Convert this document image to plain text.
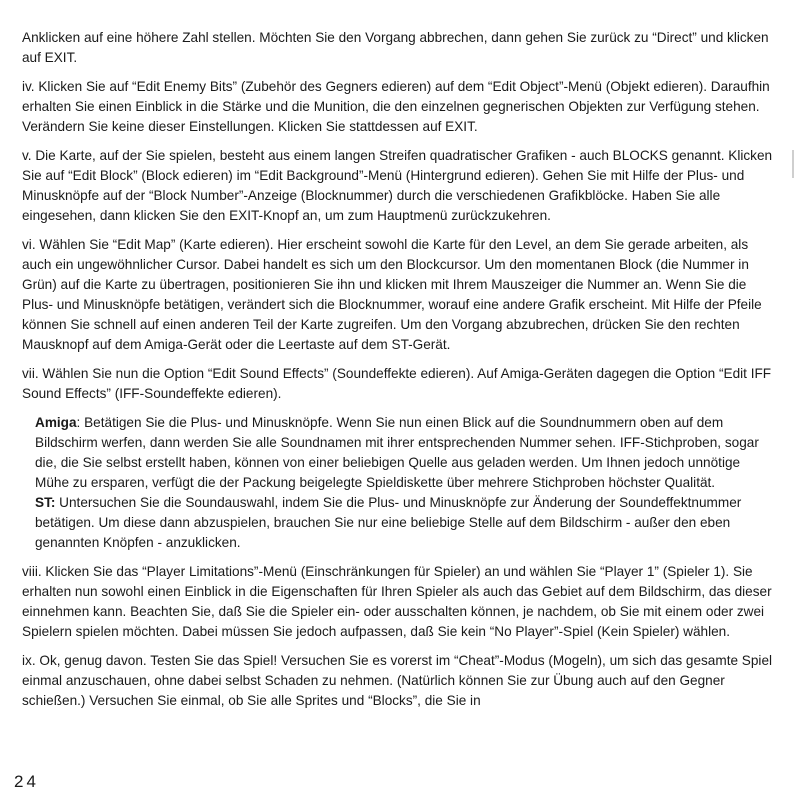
Anklicken auf eine höhere Zahl stellen. Möchten Sie den Vorgang abbrechen, dann gehen Sie zurück zu “Direct” und klicken auf EXIT.

iv. Klicken Sie auf “Edit Enemy Bits” (Zubehör des Gegners edieren) auf dem “Edit Object”-Menü (Objekt edieren). Daraufhin erhalten Sie einen Einblick in die Stärke und die Munition, die den einzelnen gegnerischen Objekten zur Verfügung stehen. Verändern Sie keine dieser Einstellungen. Klicken Sie stattdessen auf EXIT.

v. Die Karte, auf der Sie spielen, besteht aus einem langen Streifen quadratischer Grafiken - auch BLOCKS genannt. Klicken Sie auf “Edit Block” (Block edieren) im “Edit Background”-Menü (Hintergrund edieren). Gehen Sie mit Hilfe der Plus- und Minusknöpfe auf der “Block Number”-Anzeige (Blocknummer) durch die verschiedenen Grafikblöcke. Haben Sie alle eingesehen, dann klicken Sie den EXIT-Knopf an, um zum Hauptmenü zurückzukehren.

vi. Wählen Sie “Edit Map” (Karte edieren). Hier erscheint sowohl die Karte für den Level, an dem Sie gerade arbeiten, als auch ein ungewöhnlicher Cursor. Dabei handelt es sich um den Blockcursor. Um den momentanen Block (die Nummer in Grün) auf die Karte zu übertragen, positionieren Sie ihn und klicken mit Ihrem Mauszeiger die Nummer an. Wenn Sie die Plus- und Minusknöpfe betätigen, verändert sich die Blocknummer, worauf eine andere Grafik erscheint. Mit Hilfe der Pfeile können Sie schnell auf einen anderen Teil der Karte zugreifen. Um den Vorgang abzubrechen, drücken Sie den rechten Mausknopf auf dem Amiga-Gerät oder die Leertaste auf dem ST-Gerät.

vii. Wählen Sie nun die Option “Edit Sound Effects” (Soundeffekte edieren). Auf Amiga-Geräten dagegen die Option “Edit IFF Sound Effects” (IFF-Soundeffekte edieren).

Amiga: Betätigen Sie die Plus- und Minusknöpfe. Wenn Sie nun einen Blick auf die Soundnummern oben auf dem Bildschirm werfen, dann werden Sie alle Soundnamen mit ihrer entsprechenden Nummer sehen. IFF-Stichproben, sogar die, die Sie selbst erstellt haben, können von einer beliebigen Quelle aus geladen werden. Um Ihnen jedoch unnötige Mühe zu ersparen, verfügt die der Packung beigelegte Spieldiskette über mehrere Stichproben höchster Qualität.

ST: Untersuchen Sie die Soundauswahl, indem Sie die Plus- und Minusknöpfe zur Änderung der Soundeffektnummer betätigen. Um diese dann abzuspielen, brauchen Sie nur eine beliebige Stelle auf dem Bildschirm - außer den eben genannten Knöpfen - anzuklicken.

viii. Klicken Sie das “Player Limitations”-Menü (Einschränkungen für Spieler) an und wählen Sie “Player 1” (Spieler 1). Sie erhalten nun sowohl einen Einblick in die Eigenschaften für Ihren Spieler als auch das Gebiet auf dem Bildschirm, das dieser einnehmen kann. Beachten Sie, daß Sie die Spieler ein- oder ausschalten können, je nachdem, ob Sie mit einem oder zwei Spielern spielen möchten. Dabei müssen Sie jedoch aufpassen, daß Sie kein “No Player”-Spiel (Kein Spieler) wählen.

ix. Ok, genug davon. Testen Sie das Spiel! Versuchen Sie es vorerst im “Cheat”-Modus (Mogeln), um sich das gesamte Spiel einmal anzuschauen, ohne dabei selbst Schaden zu nehmen. (Natürlich können Sie zur Übung auch auf den Gegner schießen.) Versuchen Sie einmal, ob Sie alle Sprites und “Blocks”, die Sie in

24
